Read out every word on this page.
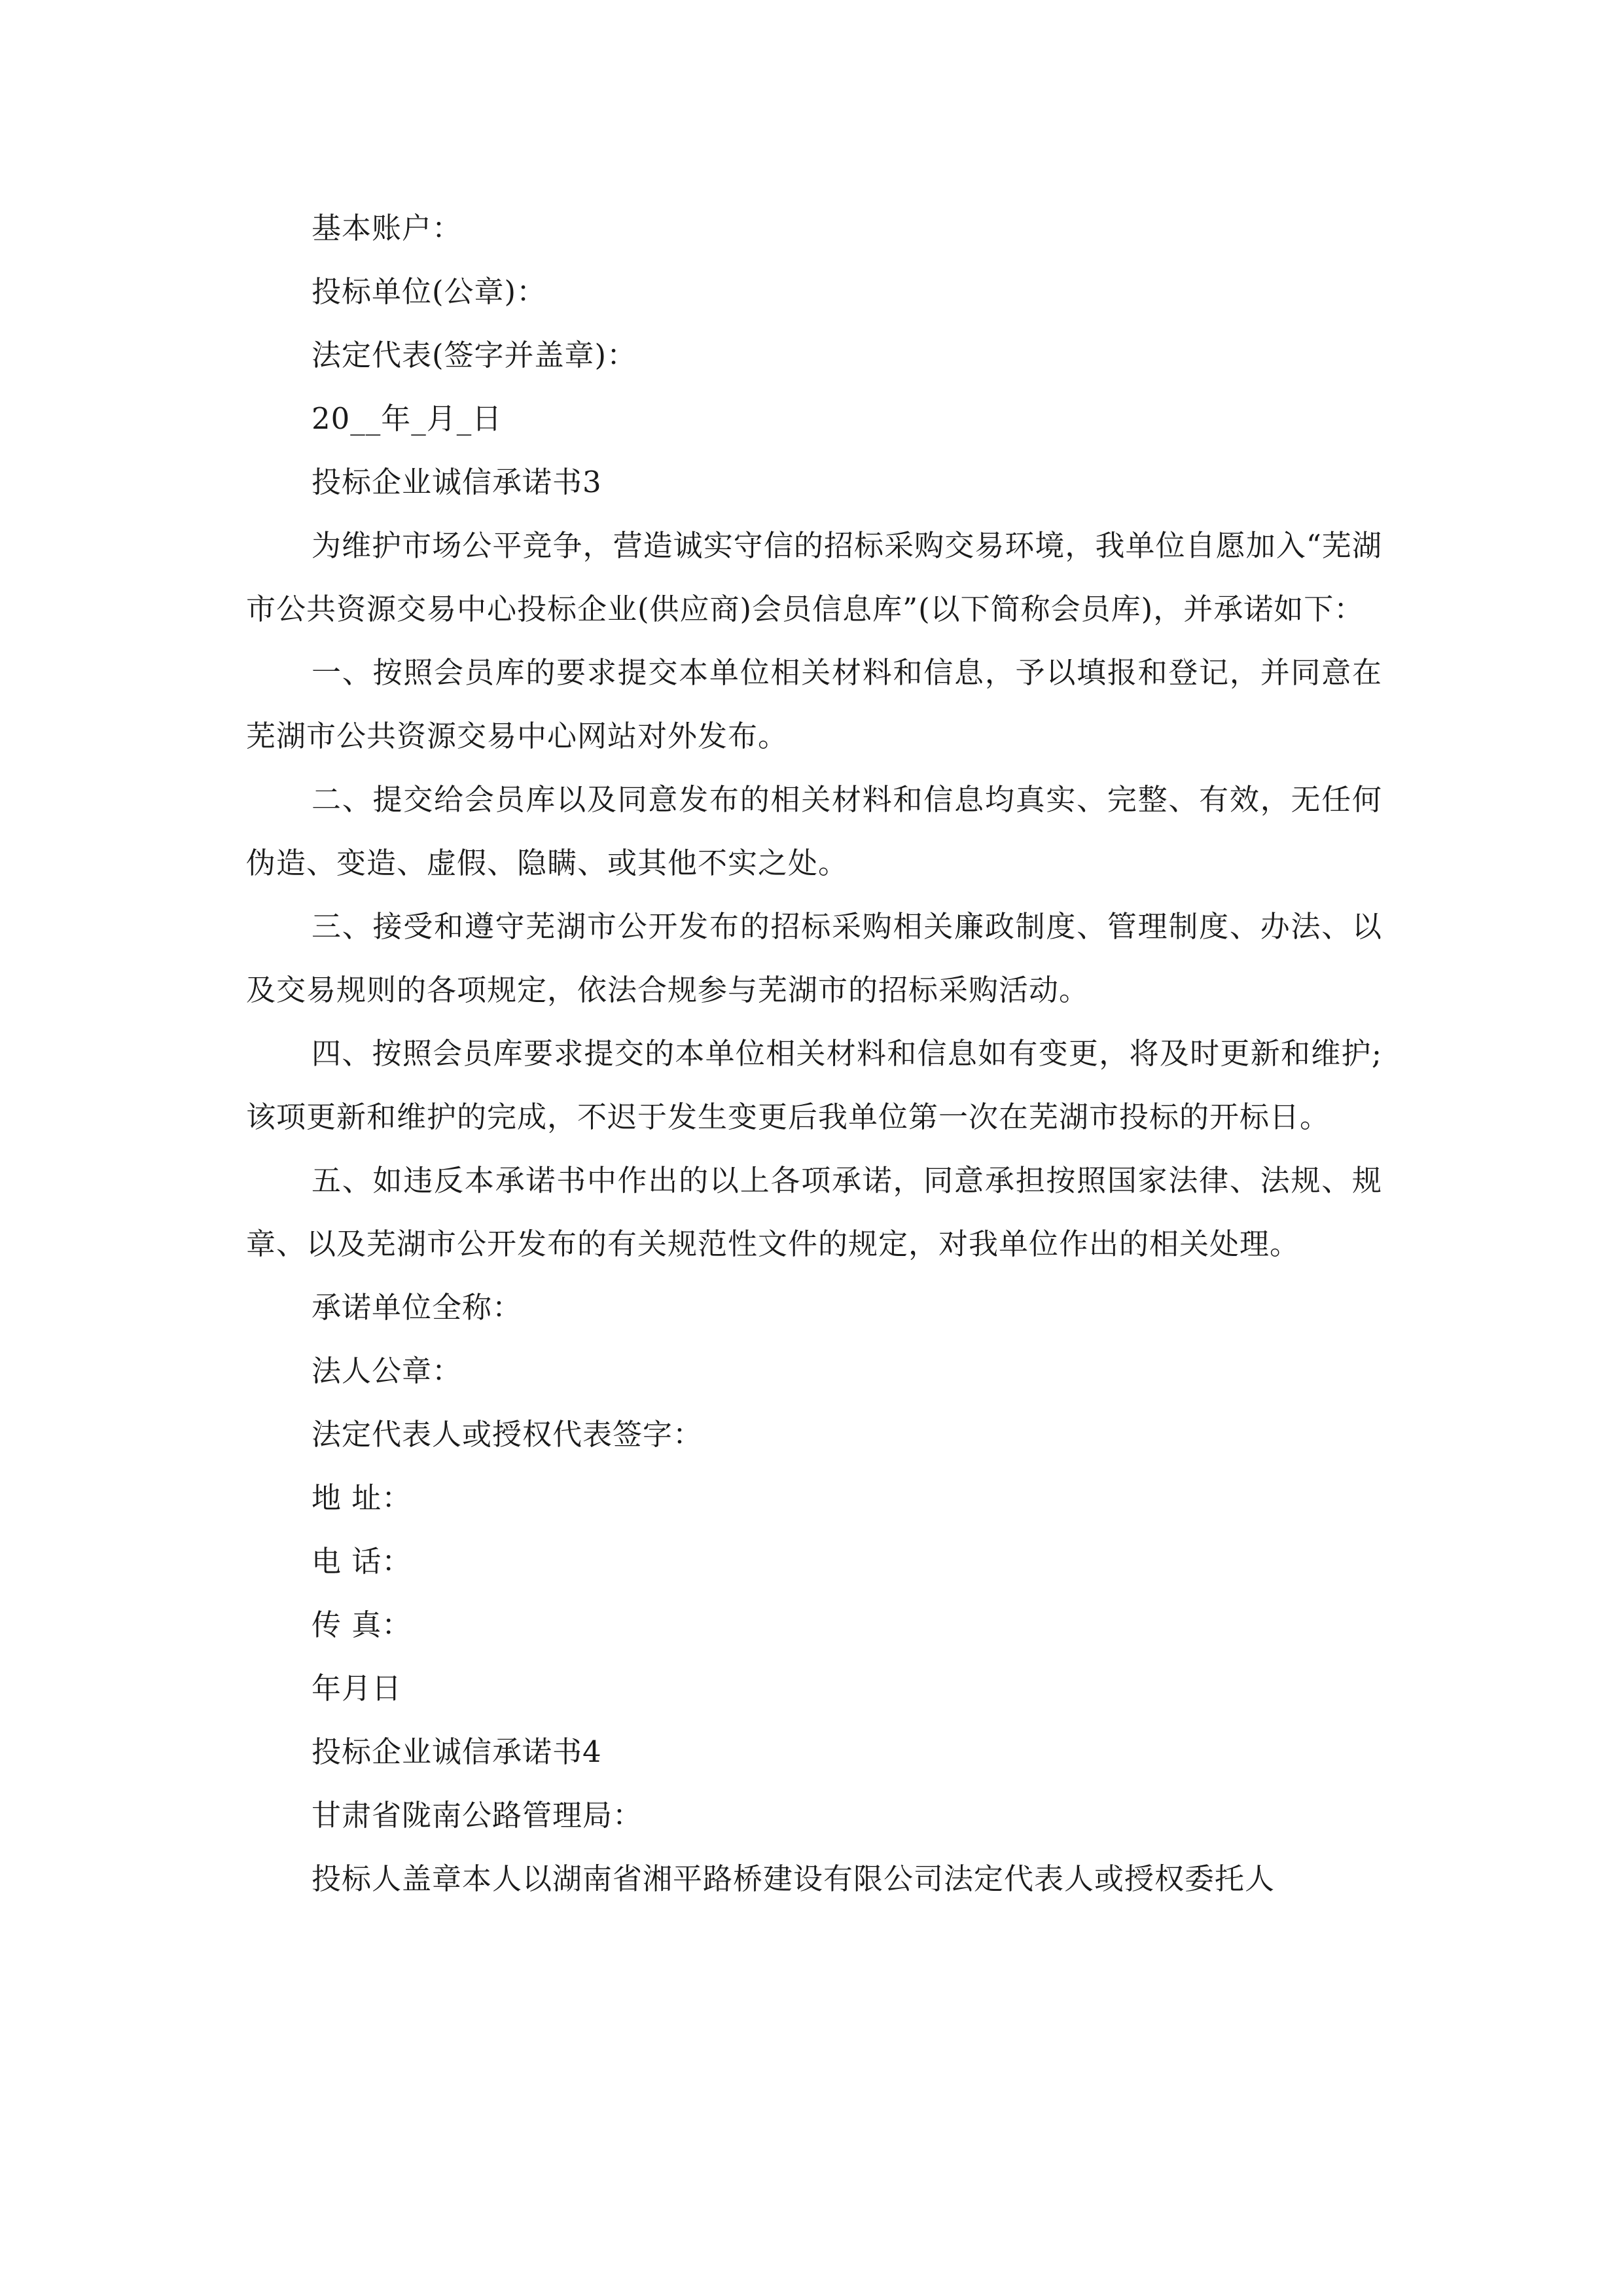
基本账户：

投标单位(公章)：

法定代表(签字并盖章)：

20__年_月_日

投标企业诚信承诺书3

为维护市场公平竞争，营造诚实守信的招标采购交易环境，我单位自愿加入“芜湖市公共资源交易中心投标企业(供应商)会员信息库”(以下简称会员库)，并承诺如下：

一、按照会员库的要求提交本单位相关材料和信息，予以填报和登记，并同意在芜湖市公共资源交易中心网站对外发布。

二、提交给会员库以及同意发布的相关材料和信息均真实、完整、有效，无任何伪造、变造、虚假、隐瞒、或其他不实之处。

三、接受和遵守芜湖市公开发布的招标采购相关廉政制度、管理制度、办法、以及交易规则的各项规定，依法合规参与芜湖市的招标采购活动。

四、按照会员库要求提交的本单位相关材料和信息如有变更，将及时更新和维护;该项更新和维护的完成，不迟于发生变更后我单位第一次在芜湖市投标的开标日。

五、如违反本承诺书中作出的以上各项承诺，同意承担按照国家法律、法规、规章、以及芜湖市公开发布的有关规范性文件的规定，对我单位作出的相关处理。

承诺单位全称：

法人公章：

法定代表人或授权代表签字：

地 址：

电 话：

传 真：

年月日

投标企业诚信承诺书4

甘肃省陇南公路管理局：

投标人盖章本人以湖南省湘平路桥建设有限公司法定代表人或授权委托人
